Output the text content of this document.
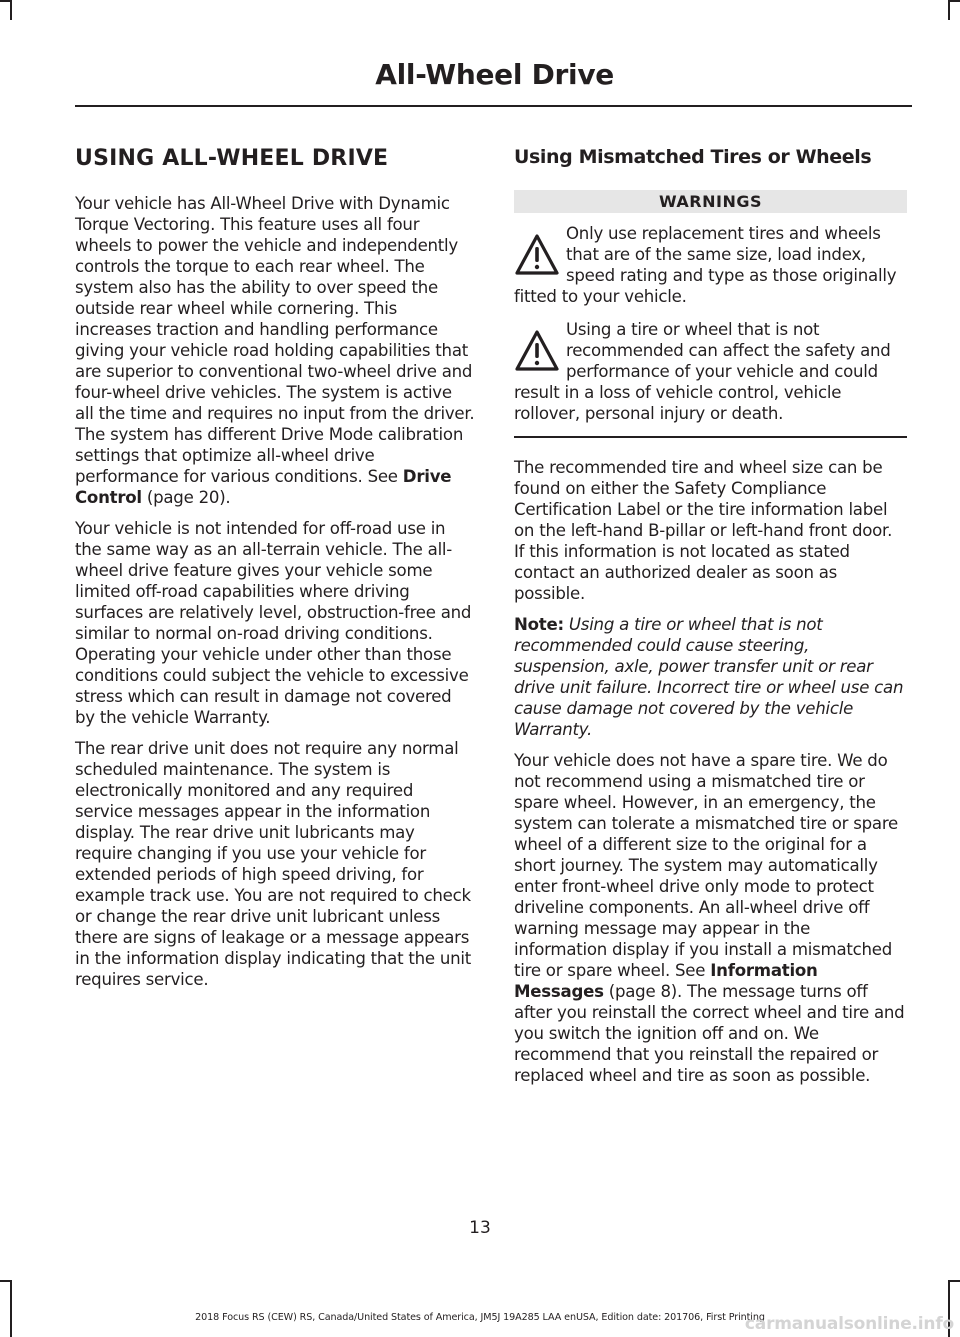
All-Wheel Drive
USING ALL-WHEEL DRIVE

Your vehicle has All-Wheel Drive with Dynamic Torque Vectoring. This feature uses all four wheels to power the vehicle and independently controls the torque to each rear wheel. The system also has the ability to over speed the outside rear wheel while cornering. This increases traction and handling performance giving your vehicle road holding capabilities that are superior to conventional two-wheel drive and four-wheel drive vehicles. The system is active all the time and requires no input from the driver. The system has different Drive Mode calibration settings that optimize all-wheel drive performance for various conditions. See Drive Control (page 20).

Your vehicle is not intended for off-road use in the same way as an all-terrain vehicle. The all-wheel drive feature gives your vehicle some limited off-road capabilities where driving surfaces are relatively level, obstruction-free and similar to normal on-road driving conditions. Operating your vehicle under other than those conditions could subject the vehicle to excessive stress which can result in damage not covered by the vehicle Warranty.

The rear drive unit does not require any normal scheduled maintenance. The system is electronically monitored and any required service messages appear in the information display. The rear drive unit lubricants may require changing if you use your vehicle for extended periods of high speed driving, for example track use. You are not required to check or change the rear drive unit lubricant unless there are signs of leakage or a message appears in the information display indicating that the unit requires service.

Using Mismatched Tires or Wheels
WARNINGS

Only use replacement tires and wheels that are of the same size, load index, speed rating and type as those originally fitted to your vehicle.

Using a tire or wheel that is not recommended can affect the safety and performance of your vehicle and could result in a loss of vehicle control, vehicle rollover, personal injury or death.

The recommended tire and wheel size can be found on either the Safety Compliance Certification Label or the tire information label on the left-hand B-pillar or left-hand front door. If this information is not located as stated contact an authorized dealer as soon as possible.

Note: Using a tire or wheel that is not recommended could cause steering, suspension, axle, power transfer unit or rear drive unit failure. Incorrect tire or wheel use can cause damage not covered by the vehicle Warranty.

Your vehicle does not have a spare tire. We do not recommend using a mismatched tire or spare wheel. However, in an emergency, the system can tolerate a mismatched tire or spare wheel of a different size to the original for a short journey. The system may automatically enter front-wheel drive only mode to protect driveline components. An all-wheel drive off warning message may appear in the information display if you install a mismatched tire or spare wheel. See Information Messages (page 8). The message turns off after you reinstall the correct wheel and tire and you switch the ignition off and on. We recommend that you reinstall the repaired or replaced wheel and tire as soon as possible.

13
2018 Focus RS (CEW) RS, Canada/United States of America, JM5J 19A285 LAA enUSA, Edition date: 201706, First Printing
carmanualsonline.info
